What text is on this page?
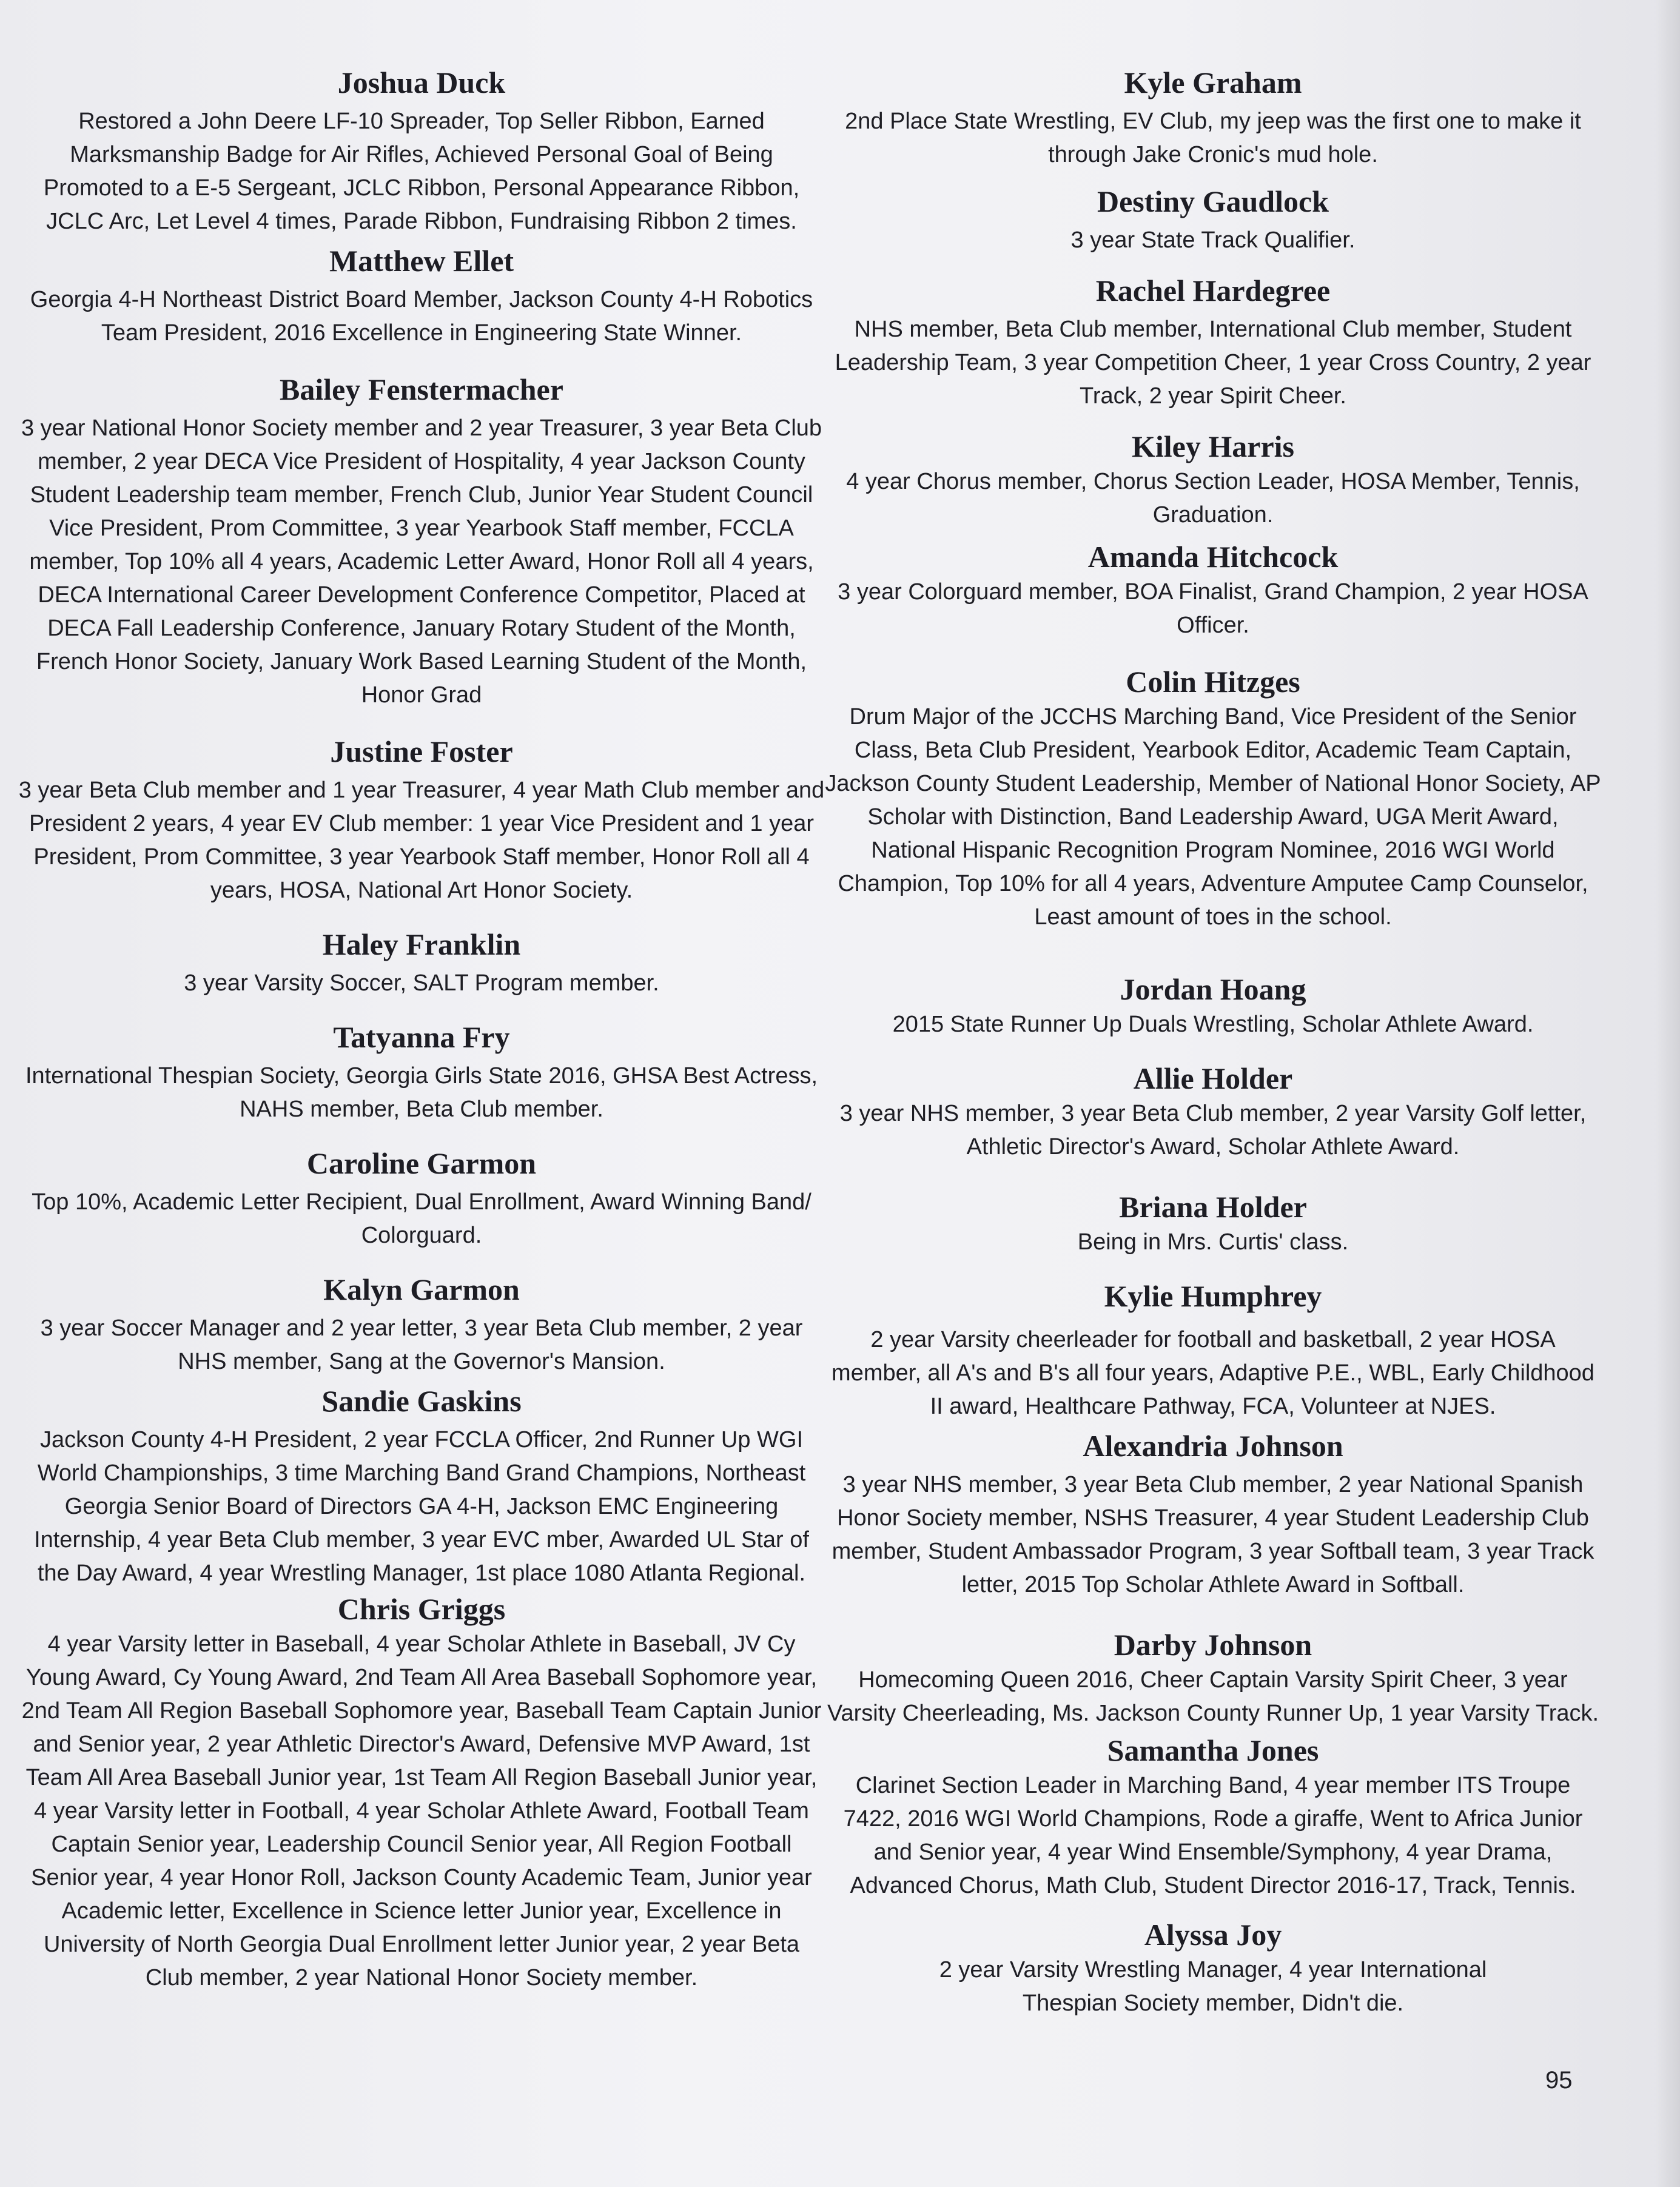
Joshua Duck

Restored a John Deere LF-10 Spreader, Top Seller Ribbon, Earned Marksmanship Badge for Air Rifles, Achieved Personal Goal of Being Promoted to a E-5 Sergeant, JCLC Ribbon, Personal Appearance Ribbon, JCLC Arc, Let Level 4 times, Parade Ribbon, Fundraising Ribbon 2 times.

Matthew Ellet

Georgia 4-H Northeast District Board Member, Jackson County 4-H Robotics Team President, 2016 Excellence in Engineering State Winner.

Bailey Fenstermacher

3 year National Honor Society member and 2 year Treasurer, 3 year Beta Club member, 2 year DECA Vice President of Hospitality, 4 year Jackson County Student Leadership team member, French Club, Junior Year Student Council Vice President, Prom Committee, 3 year Yearbook Staff member, FCCLA member, Top 10% all 4 years, Academic Letter Award, Honor Roll all 4 years, DECA International Career Development Conference Competitor, Placed at DECA Fall Leadership Conference, January Rotary Student of the Month, French Honor Society, January Work Based Learning Student of the Month, Honor Grad

Justine Foster

3 year Beta Club member and 1 year Treasurer, 4 year Math Club member and President 2 years, 4 year EV Club member: 1 year Vice President and 1 year President, Prom Committee, 3 year Yearbook Staff member, Honor Roll all 4 years, HOSA, National Art Honor Society.

Haley Franklin

3 year Varsity Soccer, SALT Program member.

Tatyanna Fry

International Thespian Society, Georgia Girls State 2016, GHSA Best Actress, NAHS member, Beta Club member.

Caroline Garmon

Top 10%, Academic Letter Recipient, Dual Enrollment, Award Winning Band/ Colorguard.

Kalyn Garmon

3 year Soccer Manager and 2 year letter, 3 year Beta Club member, 2 year NHS member, Sang at the Governor's Mansion.

Sandie Gaskins

Jackson County 4-H President, 2 year FCCLA Officer, 2nd Runner Up WGI World Championships, 3 time Marching Band Grand Champions, Northeast Georgia Senior Board of Directors GA 4-H, Jackson EMC Engineering Internship, 4 year Beta Club member, 3 year EVC mber, Awarded UL Star of the Day Award, 4 year Wrestling Manager, 1st place 1080 Atlanta Regional.

Chris Griggs

4 year Varsity letter in Baseball, 4 year Scholar Athlete in Baseball, JV Cy Young Award, Cy Young Award, 2nd Team All Area Baseball Sophomore year, 2nd Team All Region Baseball Sophomore year, Baseball Team Captain Junior and Senior year, 2 year Athletic Director's Award, Defensive MVP Award, 1st Team All Area Baseball Junior year, 1st Team All Region Baseball Junior year, 4 year Varsity letter in Football, 4 year Scholar Athlete Award, Football Team Captain Senior year, Leadership Council Senior year, All Region Football Senior year, 4 year Honor Roll, Jackson County Academic Team, Junior year Academic letter, Excellence in Science letter Junior year, Excellence in University of North Georgia Dual Enrollment letter Junior year, 2 year Beta Club member, 2 year National Honor Society member.

Kyle Graham

2nd Place State Wrestling, EV Club, my jeep was the first one to make it through Jake Cronic's mud hole.

Destiny Gaudlock

3 year State Track Qualifier.

Rachel Hardegree

NHS member, Beta Club member, International Club member, Student Leadership Team, 3 year Competition Cheer, 1 year Cross Country, 2 year Track, 2 year Spirit Cheer.

Kiley Harris

4 year Chorus member, Chorus Section Leader, HOSA Member, Tennis, Graduation.

Amanda Hitchcock

3 year Colorguard member, BOA Finalist, Grand Champion, 2 year HOSA Officer.

Colin Hitzges

Drum Major of the JCCHS Marching Band, Vice President of the Senior Class, Beta Club President, Yearbook Editor, Academic Team Captain, Jackson County Student Leadership, Member of National Honor Society, AP Scholar with Distinction, Band Leadership Award, UGA Merit Award, National Hispanic Recognition Program Nominee, 2016 WGI World Champion, Top 10% for all 4 years, Adventure Amputee Camp Counselor, Least amount of toes in the school.

Jordan Hoang

2015 State Runner Up Duals Wrestling, Scholar Athlete Award.

Allie Holder

3 year NHS member, 3 year Beta Club member, 2 year Varsity Golf letter, Athletic Director's Award, Scholar Athlete Award.

Briana Holder

Being in Mrs. Curtis' class.

Kylie Humphrey

2 year Varsity cheerleader for football and basketball, 2 year HOSA member, all A's and B's all four years, Adaptive P.E., WBL, Early Childhood II award, Healthcare Pathway, FCA, Volunteer at NJES.

Alexandria Johnson

3 year NHS member, 3 year Beta Club member, 2 year National Spanish Honor Society member, NSHS Treasurer, 4 year Student Leadership Club member, Student Ambassador Program, 3 year Softball team, 3 year Track letter, 2015 Top Scholar Athlete Award in Softball.

Darby Johnson

Homecoming Queen 2016, Cheer Captain Varsity Spirit Cheer, 3 year Varsity Cheerleading, Ms. Jackson County Runner Up, 1 year Varsity Track.

Samantha Jones

Clarinet Section Leader in Marching Band, 4 year member ITS Troupe 7422, 2016 WGI World Champions, Rode a giraffe, Went to Africa Junior and Senior year, 4 year Wind Ensemble/Symphony, 4 year Drama, Advanced Chorus, Math Club, Student Director 2016-17, Track, Tennis.

Alyssa Joy

2 year Varsity Wrestling Manager, 4 year International Thespian Society member, Didn't die.

95
